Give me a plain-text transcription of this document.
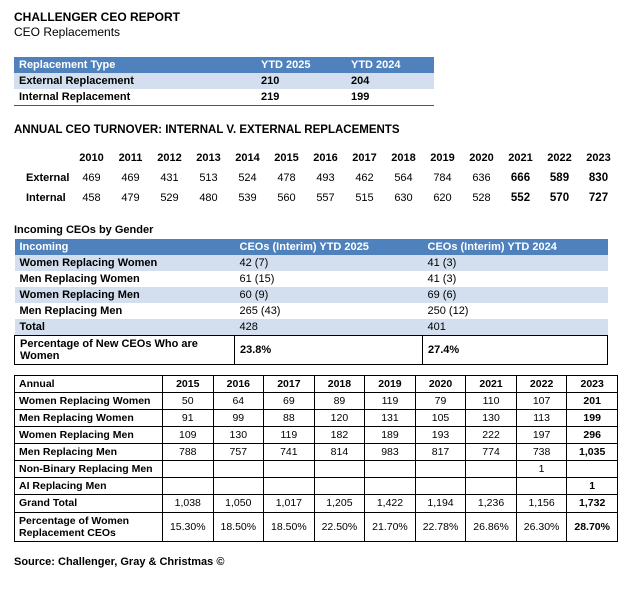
CHALLENGER CEO REPORT
CEO Replacements
Replacement Type	YTD 2025	YTD 2024
External Replacement	210	204
Internal Replacement	219	199
ANNUAL CEO TURNOVER: INTERNAL V. EXTERNAL REPLACEMENTS
	2010	2011	2012	2013	2014	2015	2016	2017	2018	2019	2020	2021	2022	2023
External	469	469	431	513	524	478	493	462	564	784	636	666	589	830
Internal	458	479	529	480	539	560	557	515	630	620	528	552	570	727
Incoming CEOs by Gender
Incoming	CEOs (Interim) YTD 2025	CEOs (Interim) YTD 2024
Women Replacing Women	42 (7)	41 (3)
Men Replacing Women	61 (15)	41 (3)
Women Replacing Men	60 (9)	69 (6)
Men Replacing Men	265 (43)	250 (12)
Total	428	401
Percentage of New CEOs Who are Women	23.8%	27.4%
Annual	2015	2016	2017	2018	2019	2020	2021	2022	2023
Women Replacing Women	50	64	69	89	119	79	110	107	201
Men Replacing Women	91	99	88	120	131	105	130	113	199
Women Replacing Men	109	130	119	182	189	193	222	197	296
Men Replacing Men	788	757	741	814	983	817	774	738	1,035
Non-Binary Replacing Men								1	
AI Replacing Men									1
Grand Total	1,038	1,050	1,017	1,205	1,422	1,194	1,236	1,156	1,732
Percentage of Women Replacement CEOs	15.30%	18.50%	18.50%	22.50%	21.70%	22.78%	26.86%	26.30%	28.70%
Source: Challenger, Gray & Christmas ©
